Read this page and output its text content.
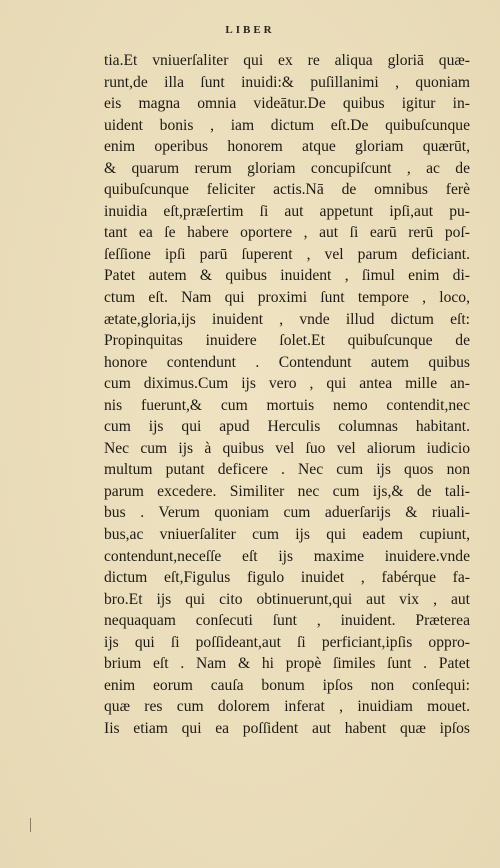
LIBER
tia.Et vniuerſaliter qui ex re aliqua gloriā quæ-
runt,de illa ſunt inuidi:& puſillanimi , quoniam
eis magna omnia videātur.De quibus igitur in-
uident bonis , iam dictum eſt.De quibuſcunque
enim operibus honorem atque gloriam quærūt,
& quarum rerum gloriam concupiſcunt , ac de
quibuſcunque feliciter actis.Nā de omnibus ferè
inuidia eſt,præſertim ſi aut appetunt ipſi,aut pu-
tant ea ſe habere oportere , aut ſi earū rerū poſ-
ſeſſione ipſi parū ſuperent , vel parum deficiant.
Patet autem & quibus inuident , ſimul enim di-
ctum eſt. Nam qui proximi ſunt tempore , loco,
ætate,gloria,ijs inuident , vnde illud dictum eſt:
Propinquitas inuidere ſolet.Et quibuſcunque de
honore contendunt . Contendunt autem quibus
cum diximus.Cum ijs vero , qui antea mille an-
nis fuerunt,& cum mortuis nemo contendit,nec
cum ijs qui apud Herculis columnas habitant.
Nec cum ijs à quibus vel ſuo vel aliorum iudicio
multum putant deficere . Nec cum ijs quos non
parum excedere. Similiter nec cum ijs,& de tali-
bus . Verum quoniam cum aduerſarijs & riuali-
bus,ac vniuerſaliter cum ijs qui eadem cupiunt,
contendunt,neceſſe eſt ijs maxime inuidere.vnde
dictum eſt,Figulus figulo inuidet , fabérque fa-
bro.Et ijs qui cito obtinuerunt,qui aut vix , aut
nequaquam conſecuti ſunt , inuident. Præterea
ijs qui ſi poſſideant,aut ſi perficiant,ipſis oppro-
brium eſt . Nam & hi propè ſimiles ſunt . Patet
enim eorum cauſa bonum ipſos non conſequi:
quæ res cum dolorem inferat , inuidiam mouet.
Iis etiam qui ea poſſident aut habent quæ ipſos
